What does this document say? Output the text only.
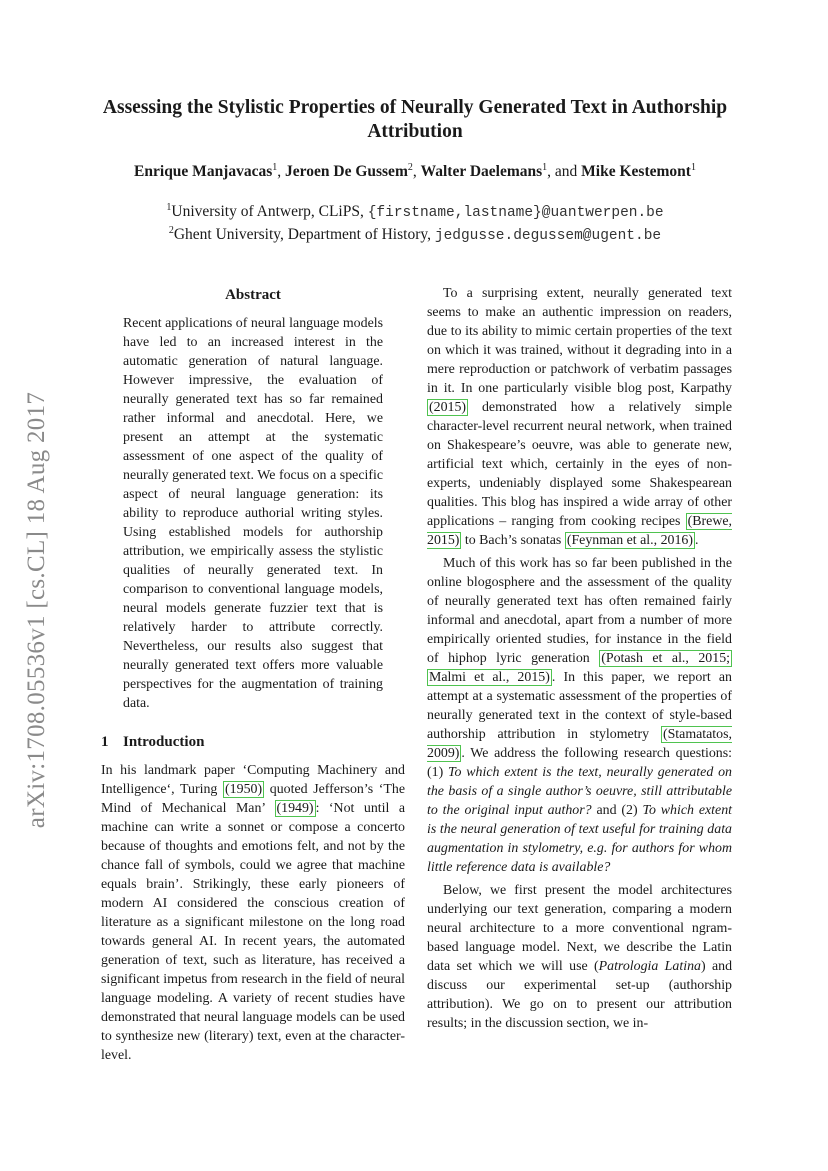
arXiv:1708.05536v1 [cs.CL] 18 Aug 2017
Assessing the Stylistic Properties of Neurally Generated Text in Authorship Attribution
Enrique Manjavacas$^1$, Jeroen De Gussem$^2$, Walter Daelemans$^1$, and Mike Kestemont$^1$
$^1$University of Antwerp, CLiPS, {firstname,lastname}@uantwerpen.be
$^2$Ghent University, Department of History, jedgusse.degussem@ugent.be
Abstract

Recent applications of neural language models have led to an increased interest in the automatic generation of natural language. However impressive, the evaluation of neurally generated text has so far remained rather informal and anecdotal. Here, we present an attempt at the systematic assessment of one aspect of the quality of neurally generated text. We focus on a specific aspect of neural language generation: its ability to reproduce authorial writing styles. Using established models for authorship attribution, we empirically assess the stylistic qualities of neurally generated text. In comparison to conventional language models, neural models generate fuzzier text that is relatively harder to attribute correctly. Nevertheless, our results also suggest that neurally generated text offers more valuable perspectives for the augmentation of training data.

1 Introduction

In his landmark paper ‘Computing Machinery and Intelligence‘, Turing (1950) quoted Jefferson’s ‘The Mind of Mechanical Man’ (1949) : ‘Not until a machine can write a sonnet or compose a concerto because of thoughts and emotions felt, and not by the chance fall of symbols, could we agree that machine equals brain’. Strikingly, these early pioneers of modern AI considered the conscious creation of literature as a significant milestone on the long road towards general AI. In recent years, the automated generation of text, such as literature, has received a significant impetus from research in the field of neural language modeling. A variety of recent studies have demonstrated that neural language models can be used to synthesize new (literary) text, even at the character-level.

To a surprising extent, neurally generated text seems to make an authentic impression on readers, due to its ability to mimic certain properties of the text on which it was trained, without it degrading into in a mere reproduction or patchwork of verbatim passages in it. In one particularly visible blog post, Karpathy (2015) demonstrated how a relatively simple character-level recurrent neural network, when trained on Shakespeare’s oeuvre, was able to generate new, artificial text which, certainly in the eyes of non-experts, undeniably displayed some Shakespearean qualities. This blog has inspired a wide array of other applications – ranging from cooking recipes (Brewe, 2015) to Bach’s sonatas (Feynman et al., 2016) .

Much of this work has so far been published in the online blogosphere and the assessment of the quality of neurally generated text has often remained fairly informal and anecdotal, apart from a number of more empirically oriented studies, for instance in the field of hiphop lyric generation (Potash et al., 2015; Malmi et al., 2015) . In this paper, we report an attempt at a systematic assessment of the properties of neurally generated text in the context of style-based authorship attribution in stylometry (Stamatatos, 2009) . We address the following research questions: (1) To which extent is the text, neurally generated on the basis of a single author’s oeuvre, still attributable to the original input author? and (2) To which extent is the neural generation of text useful for training data augmentation in stylometry, e.g. for authors for whom little reference data is available?

Below, we first present the model architectures underlying our text generation, comparing a modern neural architecture to a more conventional ngram-based language model. Next, we describe the Latin data set which we will use (Patrologia Latina) and discuss our experimental set-up (authorship attribution). We go on to present our attribution results; in the discussion section, we in-
